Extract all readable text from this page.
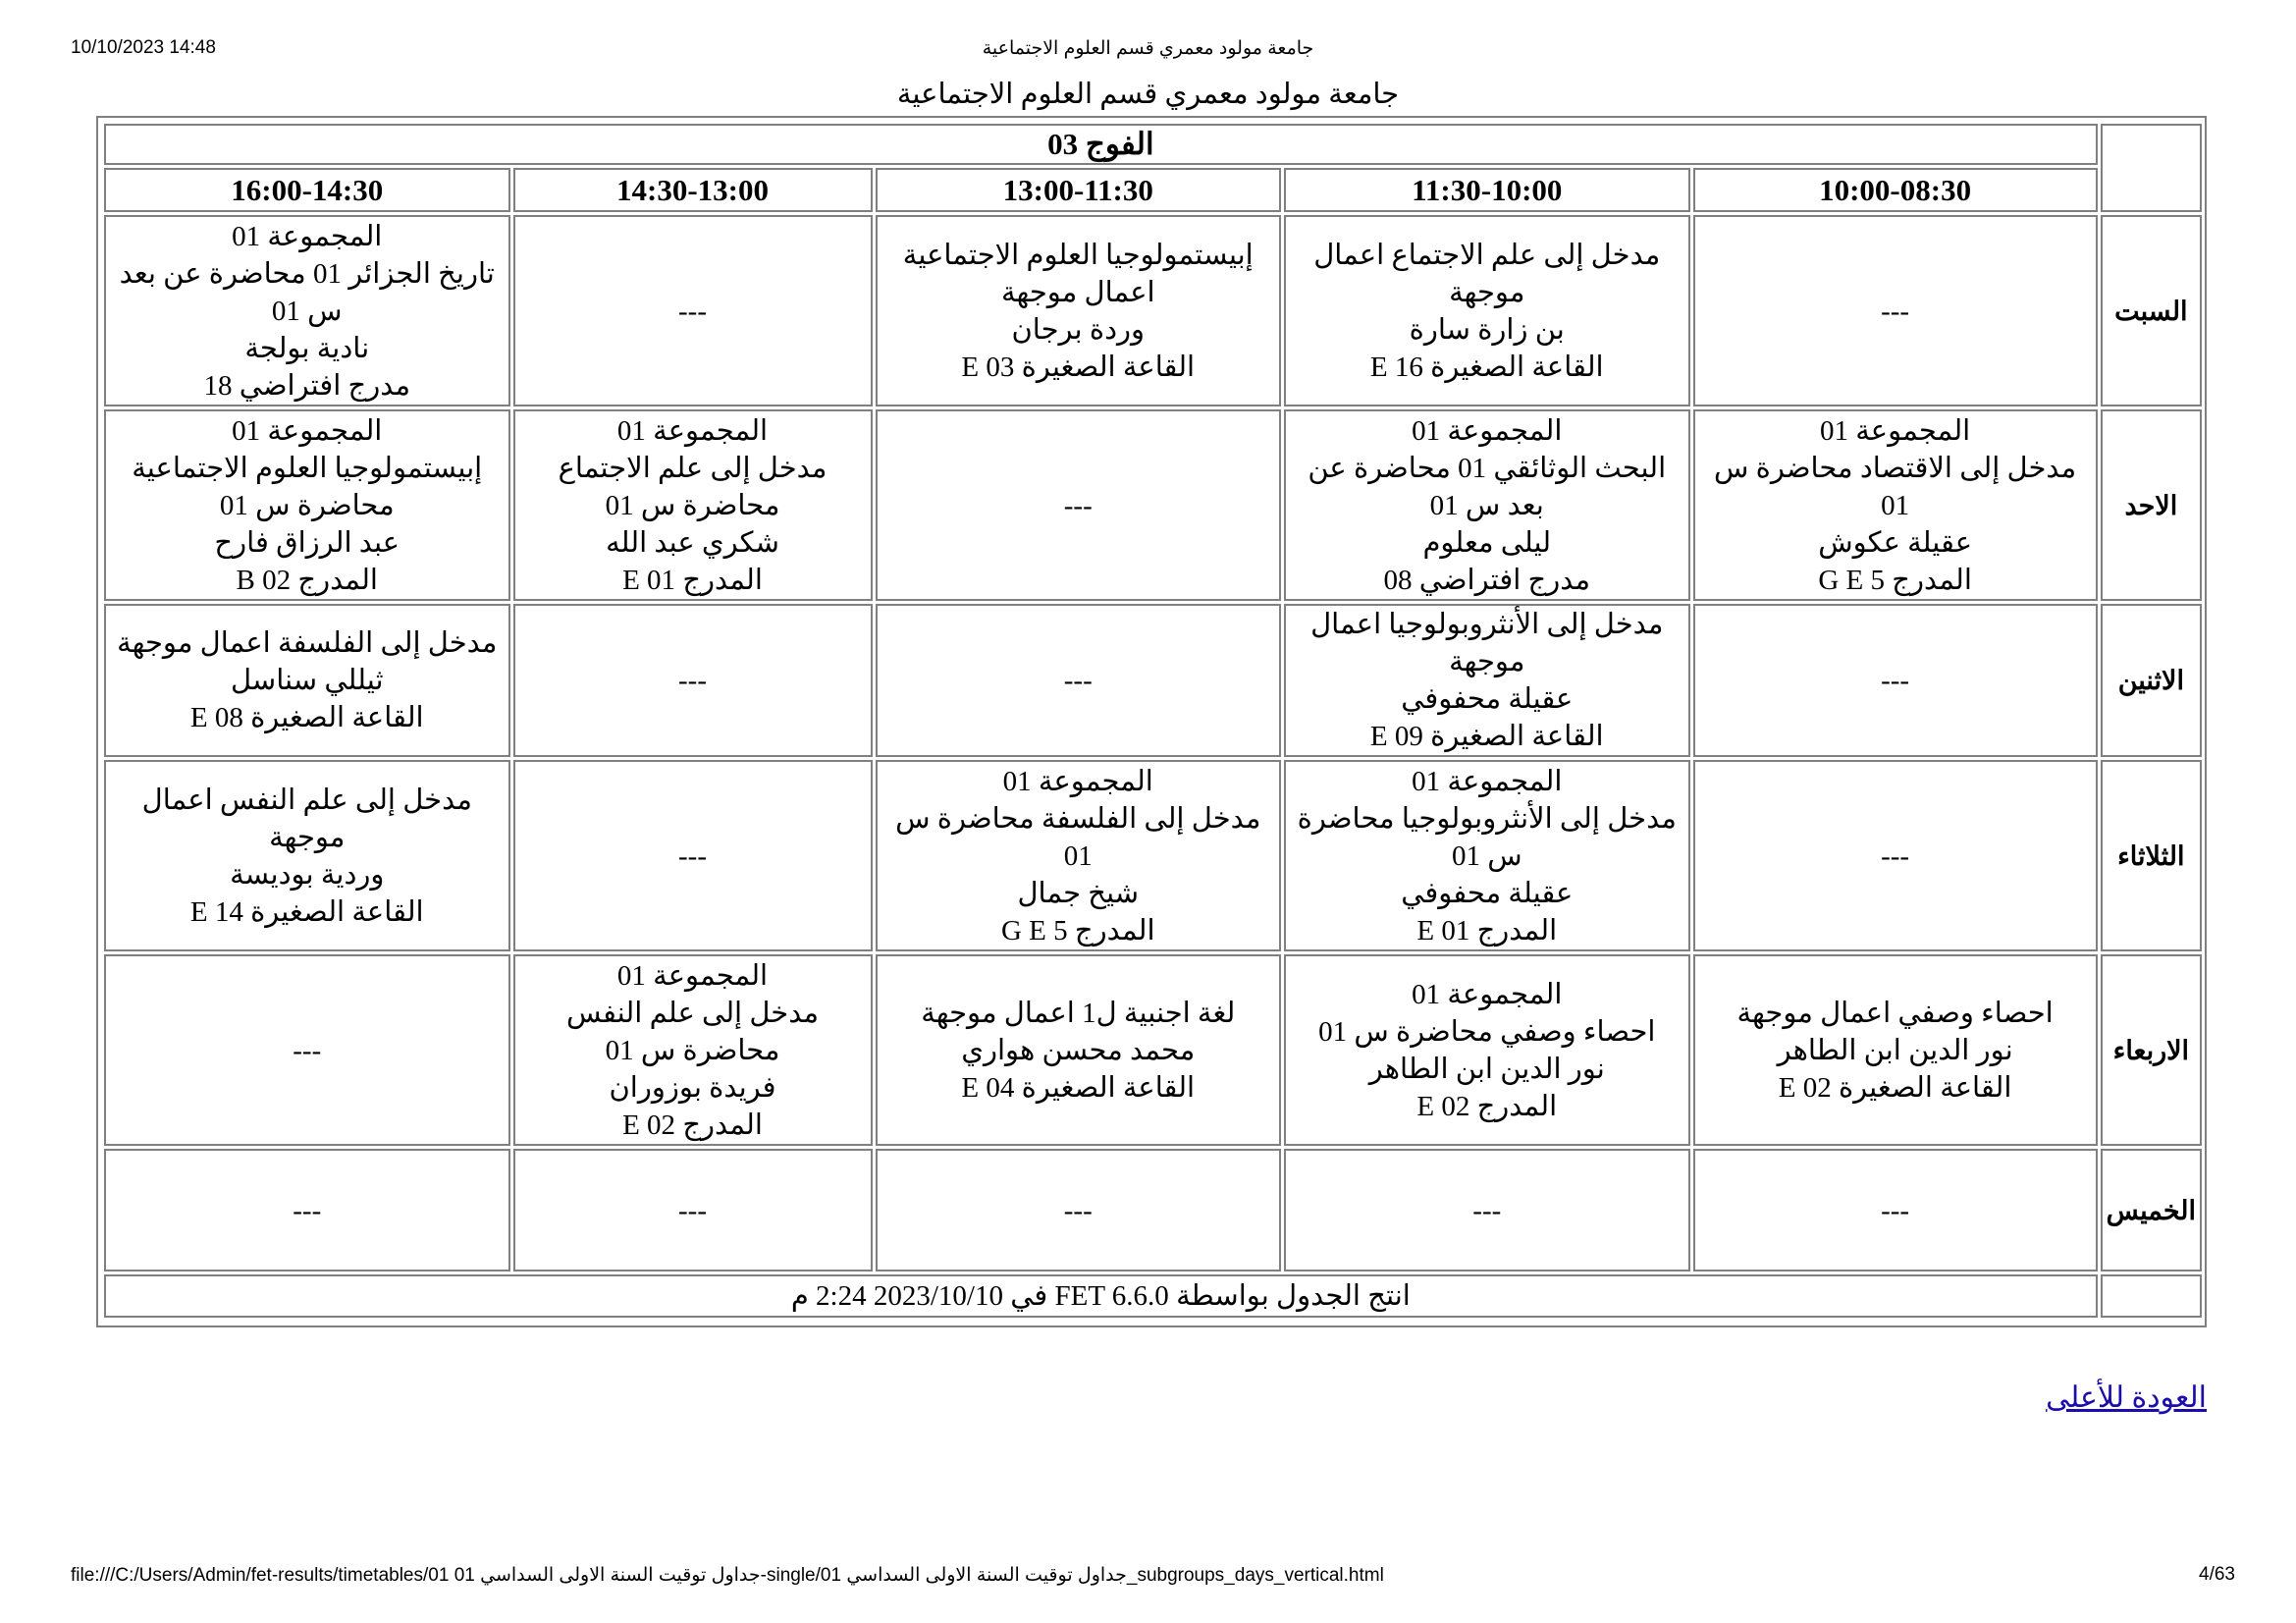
10/10/2023 14:48	جامعة مولود معمري قسم العلوم الاجتماعية
جامعة مولود معمري قسم العلوم الاجتماعية
	الفوج 03				
	10:00-08:30	11:30-10:00	13:00-11:30	14:30-13:00	16:00-14:30
السبت	---	مدخل إلى علم الاجتماع اعمال موجهة
بن زارة سارة
القاعة الصغيرة E 16	إبيستمولوجيا العلوم الاجتماعية اعمال موجهة
وردة برجان
القاعة الصغيرة E 03	---	المجموعة 01
تاريخ الجزائر 01 محاضرة عن بعد س 01
نادية بولجة
مدرج افتراضي 18

الاحد	المجموعة 01
مدخل إلى الاقتصاد محاضرة س 01
عقيلة عكوش
المدرج G E 5	المجموعة 01
البحث الوثائقي 01 محاضرة عن بعد س 01
ليلى معلوم
مدرج افتراضي 08	---	المجموعة 01
مدخل إلى علم الاجتماع محاضرة س 01
شكري عبد الله
المدرج E 01	المجموعة 01
إبيستمولوجيا العلوم الاجتماعية محاضرة س 01
عبد الرزاق فارح
المدرج B 02

الاثنين	---	مدخل إلى الأنثروبولوجيا اعمال موجهة
عقيلة محفوفي
القاعة الصغيرة E 09	---	---	مدخل إلى الفلسفة اعمال موجهة
ثيللي سناسل
القاعة الصغيرة E 08

الثلاثاء	---	المجموعة 01
مدخل إلى الأنثروبولوجيا محاضرة س 01
عقيلة محفوفي
المدرج E 01	المجموعة 01
مدخل إلى الفلسفة محاضرة س 01
شيخ جمال
المدرج G E 5	---	مدخل إلى علم النفس اعمال موجهة
وردية بوديسة
القاعة الصغيرة E 14

الاربعاء	احصاء وصفي اعمال موجهة
نور الدين ابن الطاهر
القاعة الصغيرة E 02	المجموعة 01
احصاء وصفي محاضرة س 01
نور الدين ابن الطاهر
المدرج E 02	لغة اجنبية ل1 اعمال موجهة
محمد محسن هواري
القاعة الصغيرة E 04	المجموعة 01
مدخل إلى علم النفس محاضرة س 01
فريدة بوزوران
المدرج E 02	---

الخميس	---	---	---	---	---

	انتج الجدول بواسطة FET 6.6.0 في 2023/10/10 2:24 م				
العودة للأعلى
file:///C:/Users/Admin/fet-results/timetables/01 جداول توقيت السنة الاولى السداسي 01-single/01 جداول توقيت السنة الاولى السداسي_subgroups_days_vertical.html	4/63
